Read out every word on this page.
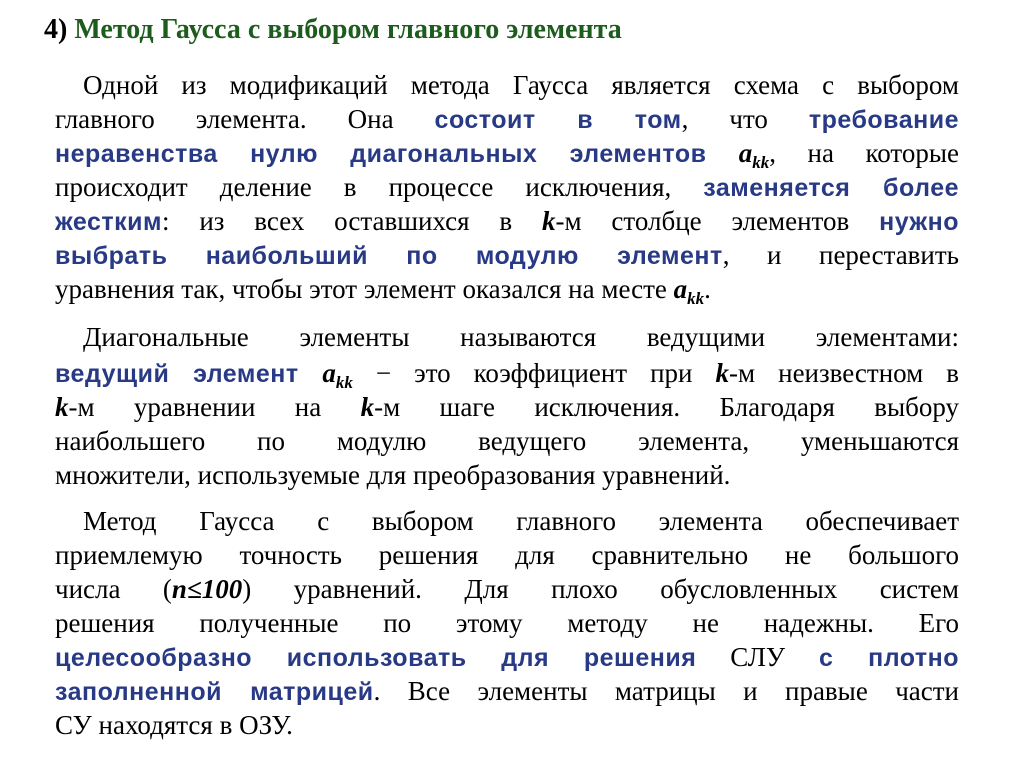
4) Метод Гаусса с выбором главного элемента
Одной из модификаций метода Гаусса является схема с выбором
главного элемента. Она состоит в том, что требование
неравенства нулю диагональных элементов $a_{kk}$, на которые
происходит деление в процессе исключения, заменяется более
жестким: из всех оставшихся в k-м столбце элементов нужно
выбрать наибольший по модулю элемент, и переставить
уравнения так, чтобы этот элемент оказался на месте $a_{kk}$.
Диагональные элементы называются ведущими элементами:
ведущий элемент $a_{kk}$ − это коэффициент при k-м неизвестном в
k-м уравнении на k-м шаге исключения. Благодаря выбору
наибольшего по модулю ведущего элемента, уменьшаются
множители, используемые для преобразования уравнений.
Метод Гаусса с выбором главного элемента обеспечивает
приемлемую точность решения для сравнительно не большого
числа (n≤100) уравнений. Для плохо обусловленных систем
решения полученные по этому методу не надежны. Его
целесообразно использовать для решения СЛУ с плотно
заполненной матрицей. Все элементы матрицы и правые части
СУ находятся в ОЗУ.
